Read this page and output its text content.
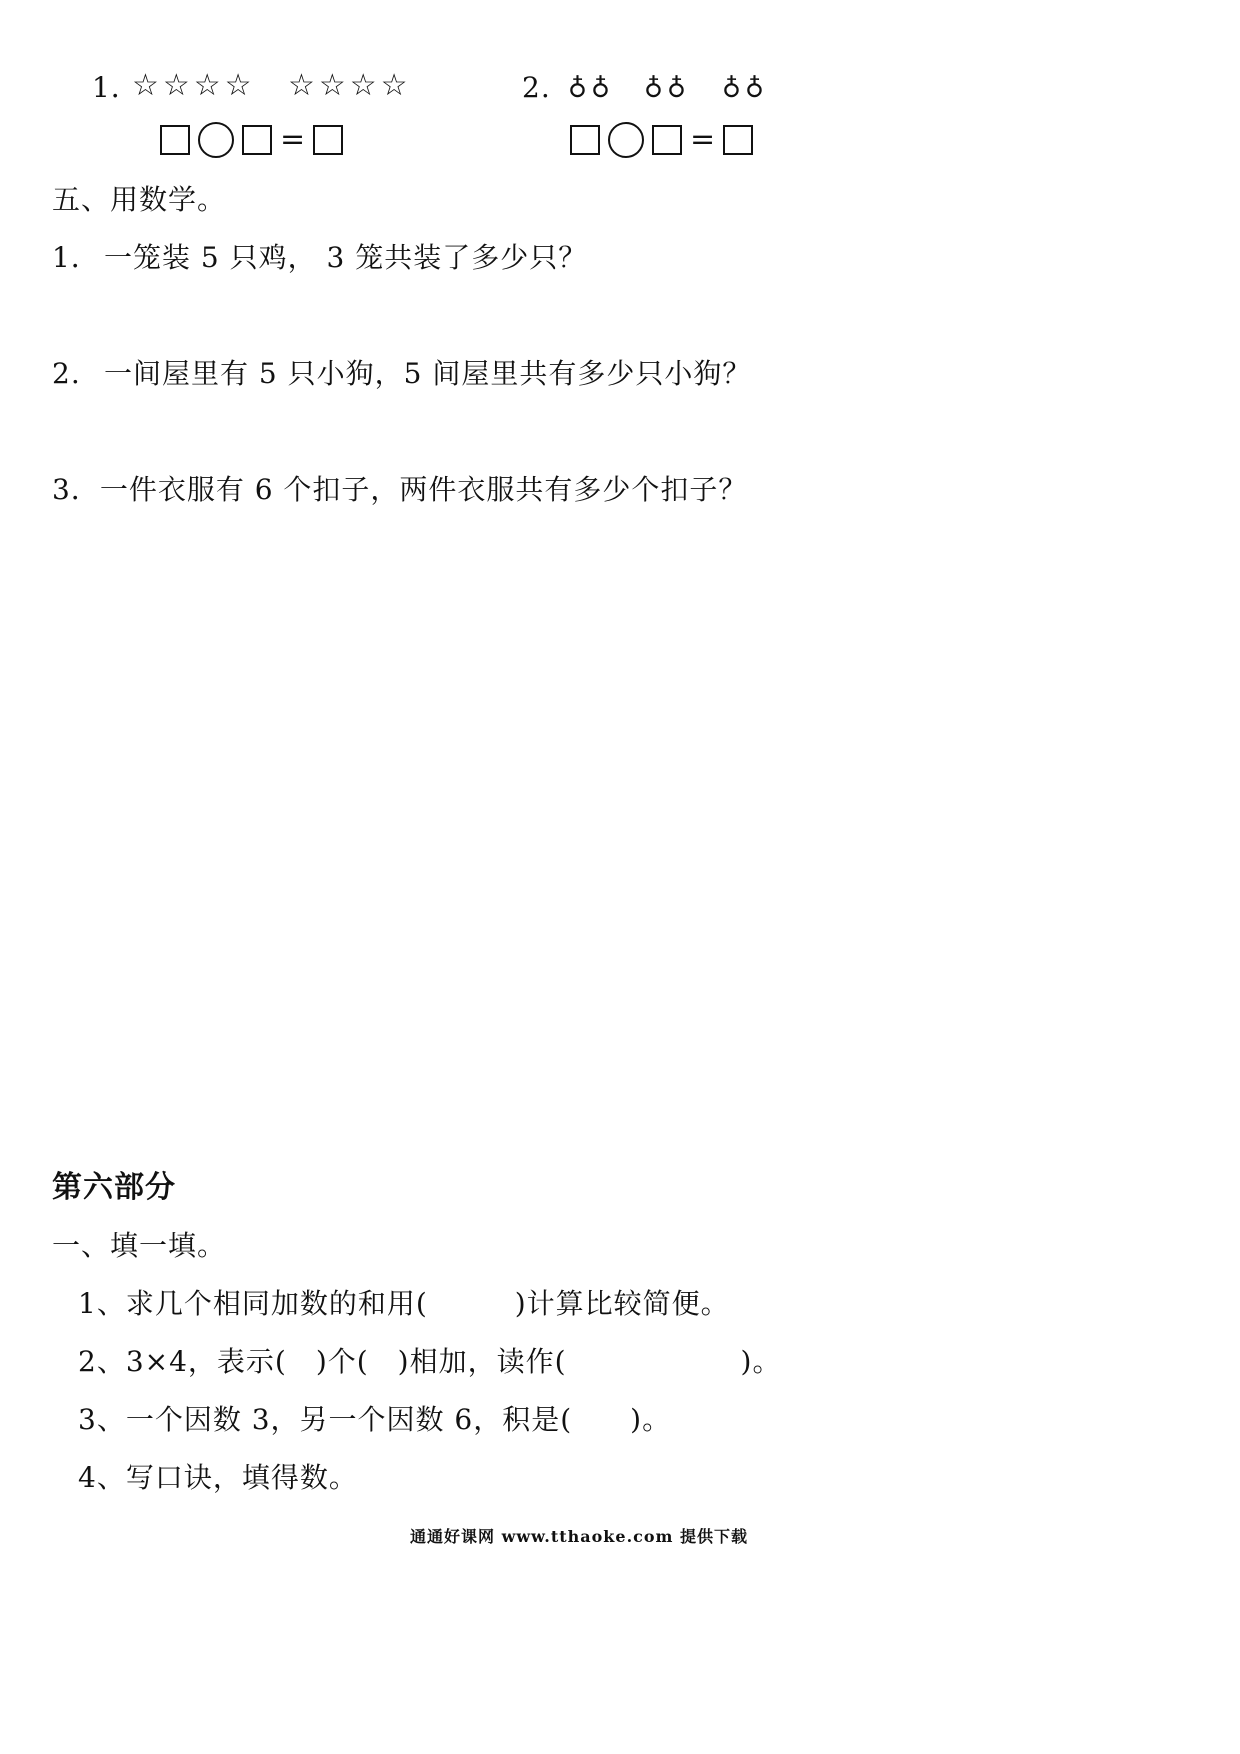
1．
☆☆☆☆ ☆☆☆☆	2. ♁♁ ♁♁ ♁♁
=	=
五、用数学。
1． 一笼装 5 只鸡， 3 笼共装了多少只？
2. 一间屋里有 5 只小狗，5 间屋里共有多少只小狗？
3．一件衣服有 6 个扣子，两件衣服共有多少个扣子？
第六部分
一、填一填。
1、求几个相同加数的和用(　　　)计算比较简便。
2、3×4，表示(　)个(　)相加，读作(　　　　　　)。
3、一个因数 3，另一个因数 6，积是(　　)。
4、写口诀，填得数。
通通好课网 www.tthaoke.com 提供下载
